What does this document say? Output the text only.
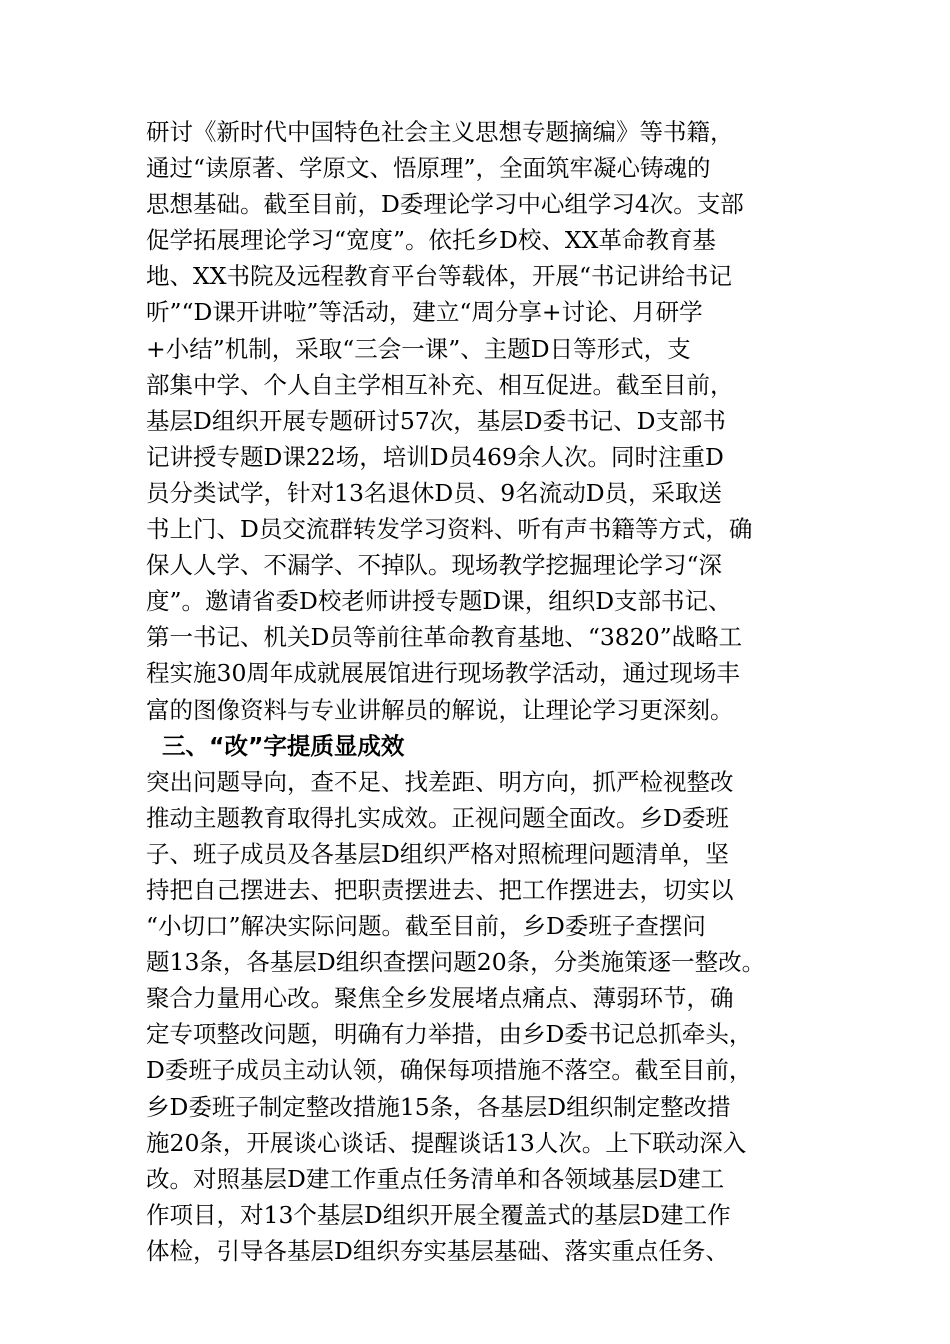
研讨《新时代中国特色社会主义思想专题摘编》等书籍，
通过“读原著、学原文、悟原理”，全面筑牢凝心铸魂的
思想基础。截至目前，D委理论学习中心组学习4次。支部
促学拓展理论学习“宽度”。依托乡D校、XX革命教育基
地、XX书院及远程教育平台等载体，开展“书记讲给书记
听”“D课开讲啦”等活动，建立“周分享+讨论、月研学
+小结”机制，采取“三会一课”、主题D日等形式，支
部集中学、个人自主学相互补充、相互促进。截至目前，
基层D组织开展专题研讨57次，基层D委书记、D支部书
记讲授专题D课22场，培训D员469余人次。同时注重D
员分类试学，针对13名退休D员、9名流动D员，采取送
书上门、D员交流群转发学习资料、听有声书籍等方式，确
保人人学、不漏学、不掉队。现场教学挖掘理论学习“深
度”。邀请省委D校老师讲授专题D课，组织D支部书记、
第一书记、机关D员等前往革命教育基地、“3820”战略工
程实施30周年成就展展馆进行现场教学活动，通过现场丰
富的图像资料与专业讲解员的解说，让理论学习更深刻。
三、“改”字提质显成效
突出问题导向，查不足、找差距、明方向，抓严检视整改
推动主题教育取得扎实成效。正视问题全面改。乡D委班
子、班子成员及各基层D组织严格对照梳理问题清单，坚
持把自己摆进去、把职责摆进去、把工作摆进去，切实以
“小切口”解决实际问题。截至目前，乡D委班子查摆问
题13条，各基层D组织查摆问题20条，分类施策逐一整改。
聚合力量用心改。聚焦全乡发展堵点痛点、薄弱环节，确
定专项整改问题，明确有力举措，由乡D委书记总抓牵头，
D委班子成员主动认领，确保每项措施不落空。截至目前，
乡D委班子制定整改措施15条，各基层D组织制定整改措
施20条，开展谈心谈话、提醒谈话13人次。上下联动深入
改。对照基层D建工作重点任务清单和各领域基层D建工
作项目，对13个基层D组织开展全覆盖式的基层D建工作
体检，引导各基层D组织夯实基层基础、落实重点任务、
